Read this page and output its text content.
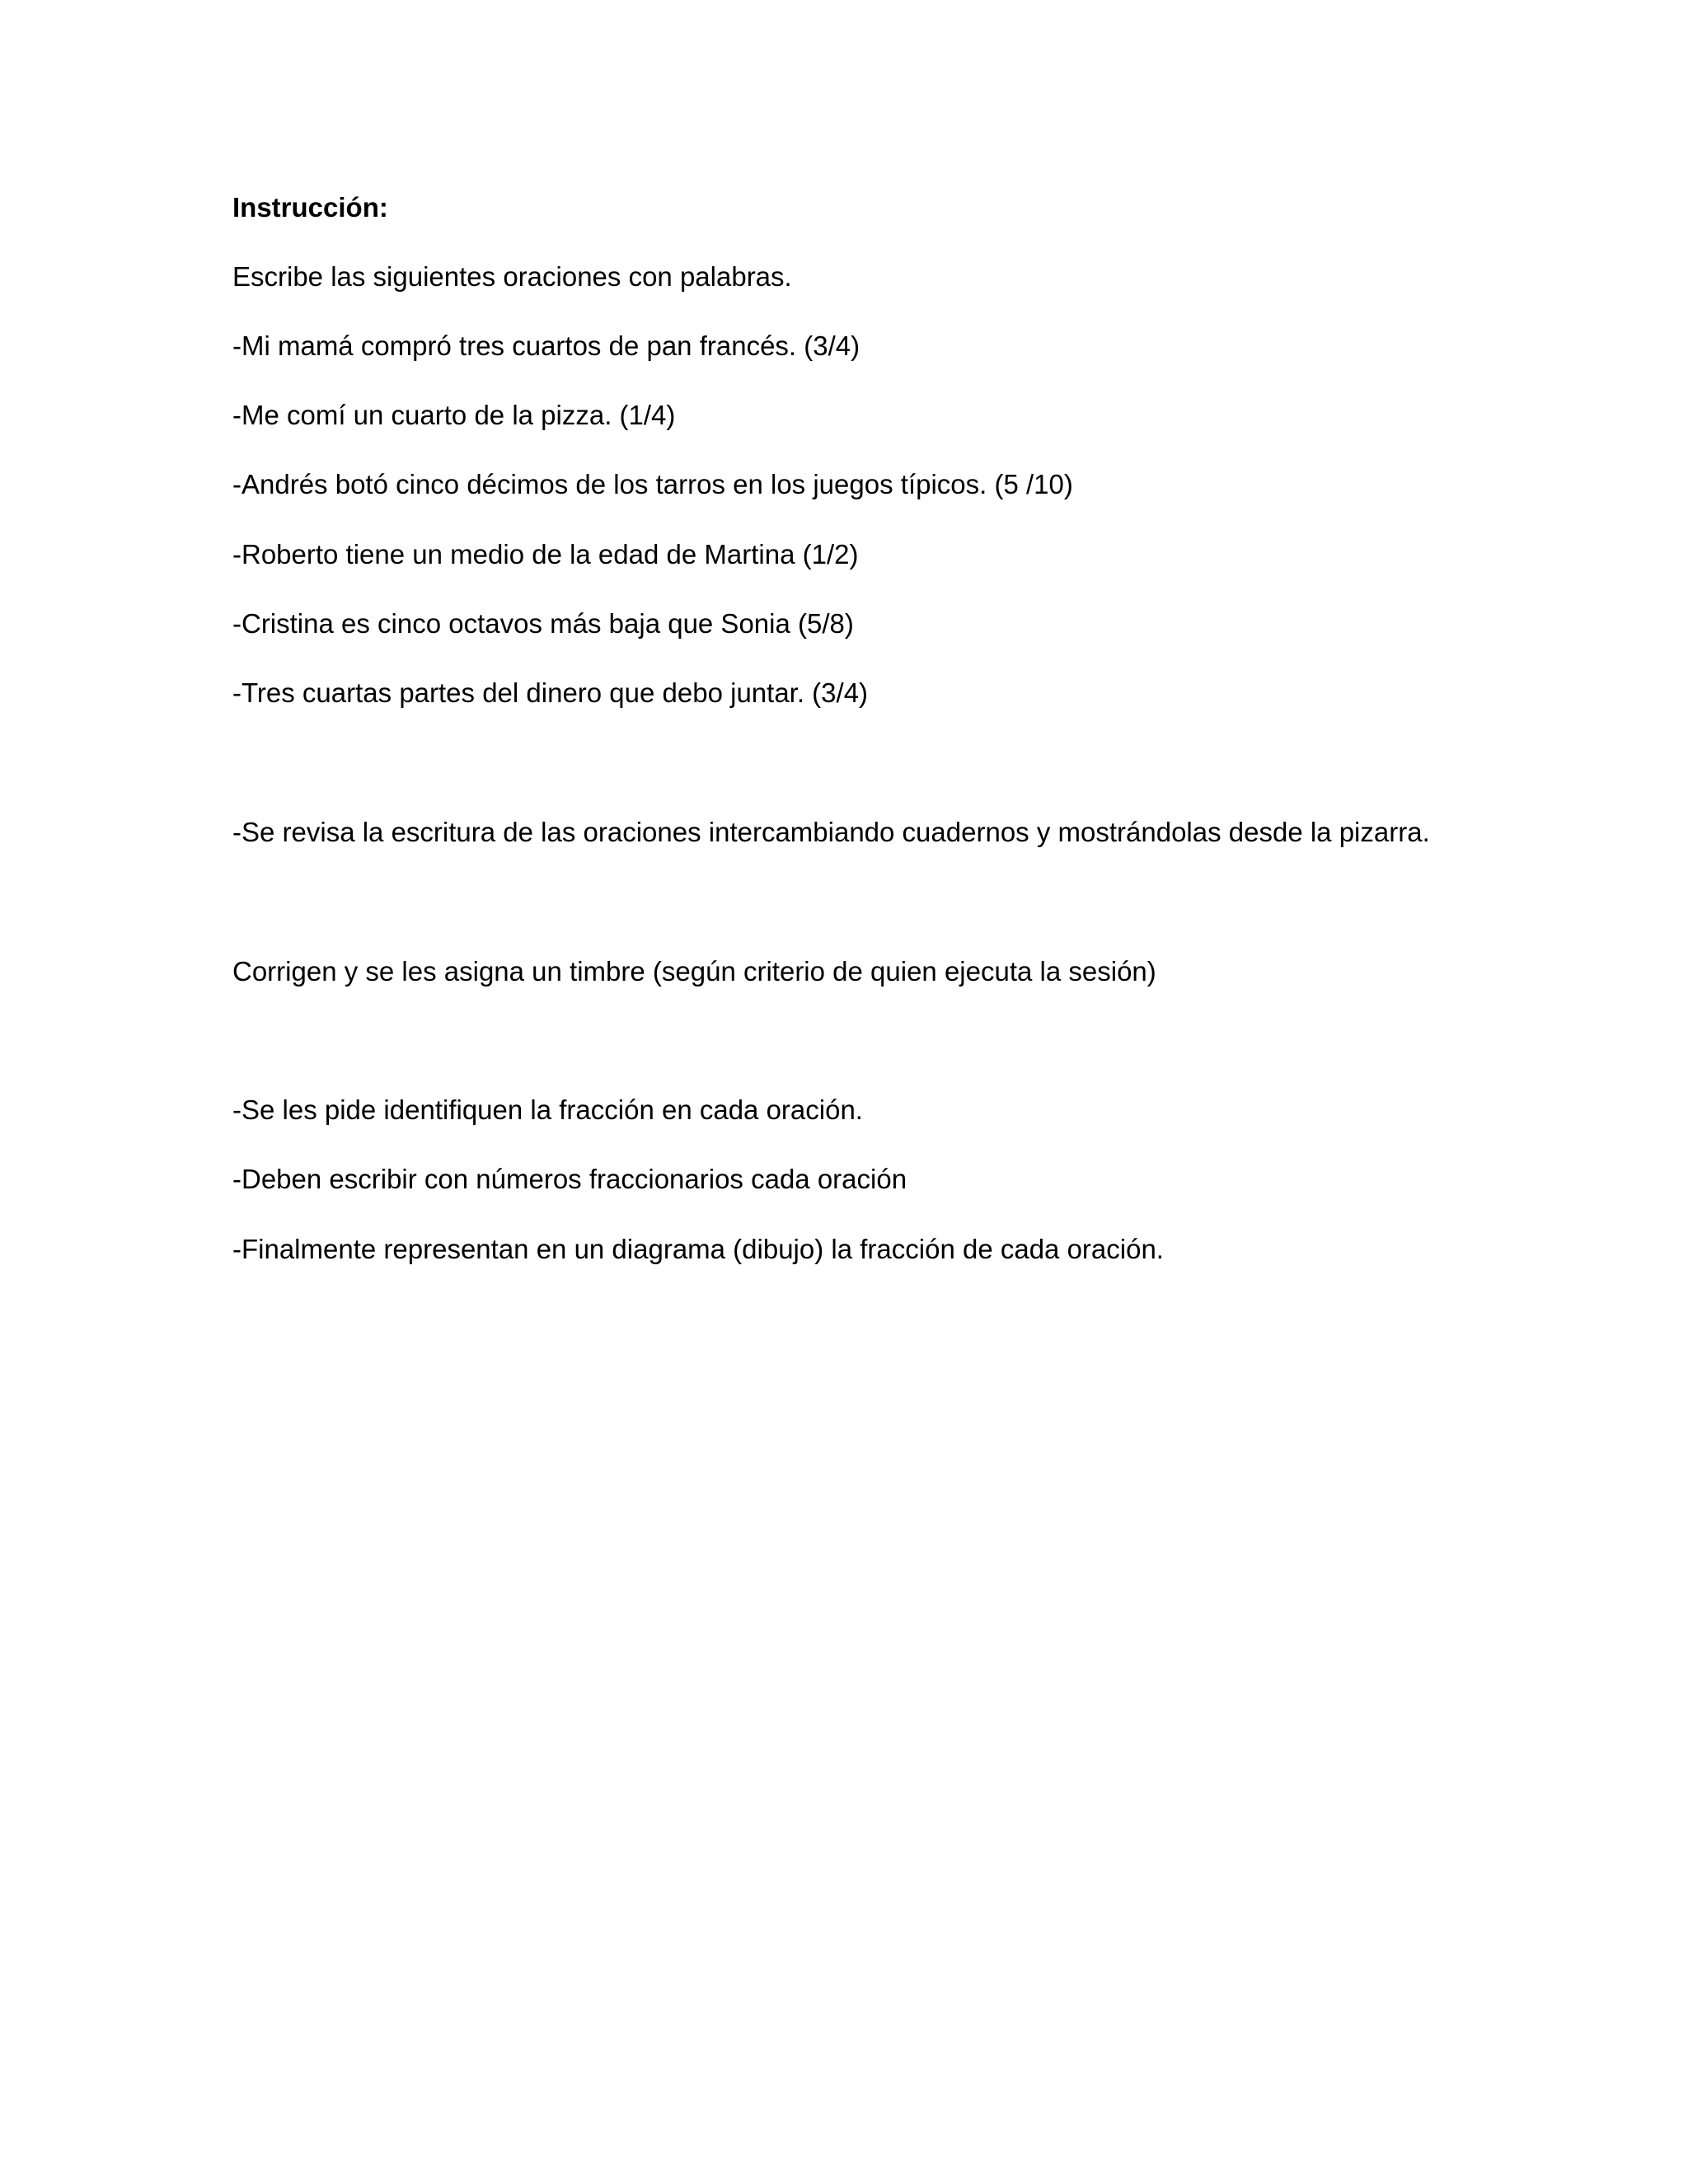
Instrucción:

Escribe las siguientes oraciones con palabras.

-Mi mamá compró tres cuartos de pan francés. (3/4)

-Me comí un cuarto de la pizza. (1/4)

-Andrés botó cinco décimos de los tarros en los juegos típicos. (5 /10)

-Roberto tiene un medio de la edad de Martina (1/2)

-Cristina es cinco octavos más baja que Sonia (5/8)

-Tres cuartas partes del dinero que debo juntar. (3/4)

-Se revisa la escritura de las oraciones intercambiando cuadernos y mostrándolas desde la pizarra.

Corrigen y se les asigna un timbre (según criterio de quien ejecuta la sesión)

-Se les pide identifiquen la fracción en cada oración.

-Deben escribir con números fraccionarios cada oración

-Finalmente representan en un diagrama (dibujo) la fracción de cada oración.
